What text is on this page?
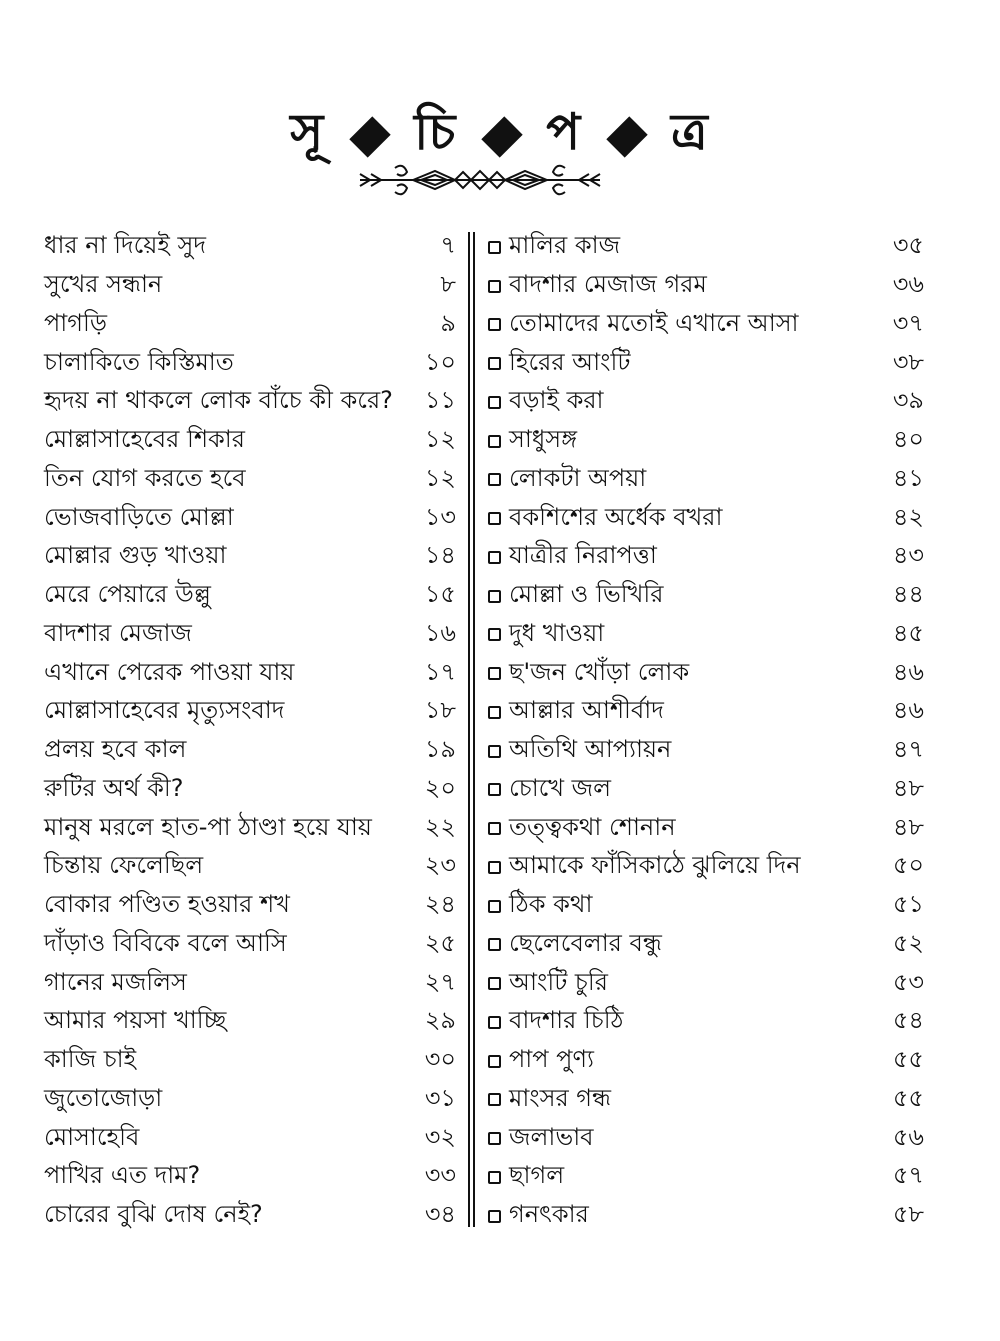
সূ চি প ত্র
ধার না দিয়েই সুদ	৭
সুখের সন্ধান	৮
পাগড়ি	৯
চালাকিতে কিস্তিমাত	১০
হৃদয় না থাকলে লোক বাঁচে কী করে? ১১
মোল্লাসাহেবের শিকার	১২
তিন যোগ করতে হবে	১২
ভোজবাড়িতে মোল্লা	১৩
মোল্লার গুড় খাওয়া	১৪
মেরে পেয়ারে উল্লু	১৫
বাদশার মেজাজ	১৬
এখানে পেরেক পাওয়া যায়	১৭
মোল্লাসাহেবের মৃত্যুসংবাদ	১৮
প্রলয় হবে কাল	১৯
রুটির অর্থ কী?	২০
মানুষ মরলে হাত-পা ঠাণ্ডা হয়ে যায় ২২
চিন্তায় ফেলেছিল	২৩
বোকার পণ্ডিত হওয়ার শখ	২৪
দাঁড়াও বিবিকে বলে আসি	২৫
গানের মজলিস	২৭
আমার পয়সা খাচ্ছি	২৯
কাজি চাই	৩০
জুতোজোড়া	৩১
মোসাহেবি	৩২
পাখির এত দাম?	৩৩
চোরের বুঝি দোষ নেই?	৩৪
মালির কাজ	৩৫
বাদশার মেজাজ গরম	৩৬
তোমাদের মতোই এখানে আসা	৩৭
হিরের আংটি	৩৮
বড়াই করা	৩৯
সাধুসঙ্গ	৪০
লোকটা অপয়া	৪১
বকশিশের অর্ধেক বখরা	৪২
যাত্রীর নিরাপত্তা	৪৩
মোল্লা ও ভিখিরি	৪৪
দুধ খাওয়া	৪৫
ছ'জন খোঁড়া লোক	৪৬
আল্লার আশীর্বাদ	৪৬
অতিথি আপ্যায়ন	৪৭
চোখে জল	৪৮
তত্ত্বকথা শোনান	৪৮
আমাকে ফাঁসিকাঠে ঝুলিয়ে দিন	৫০
ঠিক কথা	৫১
ছেলেবেলার বন্ধু	৫২
আংটি চুরি	৫৩
বাদশার চিঠি	৫৪
পাপ পুণ্য	৫৫
মাংসর গন্ধ	৫৫
জলাভাব	৫৬
ছাগল	৫৭
গনৎকার	৫৮
